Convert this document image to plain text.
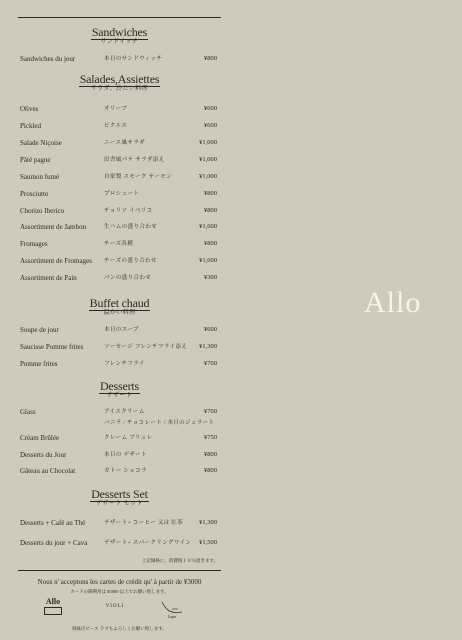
Sandwiches
サンドイッチ
Sandwiches du jour	本日のサンドウィッチ	¥800
Salades,Assiettes
サラダ、冷たい料理
Olives	オリーブ	¥600
Pickled	ピクルス	¥600
Salade Niçoise	ニース風サラダ	¥1,000
Pâté pagne	田舎風パテ サラダ添え	¥1,000
Saumon fumé	自家製 スモーク サーモン	¥1,000
Prosciutto	プロシュート	¥800
Chorizo Iberico	チョリソ イベリコ	¥800
Assortiment de Jambon	生ハムの盛り合わせ	¥1,600
Fromages	チーズ各種	¥800
Assortiment de Fromages チーズの盛り合わせ	¥1,600
Assortiment de Pain	パンの盛り合わせ	¥300
Buffet chaud
温かい料理
Soupe de jour	本日のスープ	¥600
Saucisse Pomme frites	ソーセージ フレンチフライ添え ¥1,300
Pomme frites	フレンチフライ	¥700
Desserts
デザート
Glass	アイスクリーム
バニラ / チョコレート / 本日のジェラート
¥700
Créam Brûlée	クレーム ブリュレ	¥750
Desserts du Jour	本日の デザート	¥800
Gâteau au Chocolat	ガトー ショコラ	¥800
Desserts Set
デザート セット
Desserts + Café au Thé	デザート+ コーヒー 又は 紅茶 ¥1,300
Desserts du jour + Cava	デザート+ スパークリングワイン ¥1,500
上記価格に、消費税１０％頂きます。
Nous n' acceptons les cartes de crédit qu' à partir de ¥3000
カードの御利用は ¥3000 以上でお願い致します。
Allo
VIOLI
Lupe
姉妹店ビース ラブもよろしくお願い致します。
Allo
